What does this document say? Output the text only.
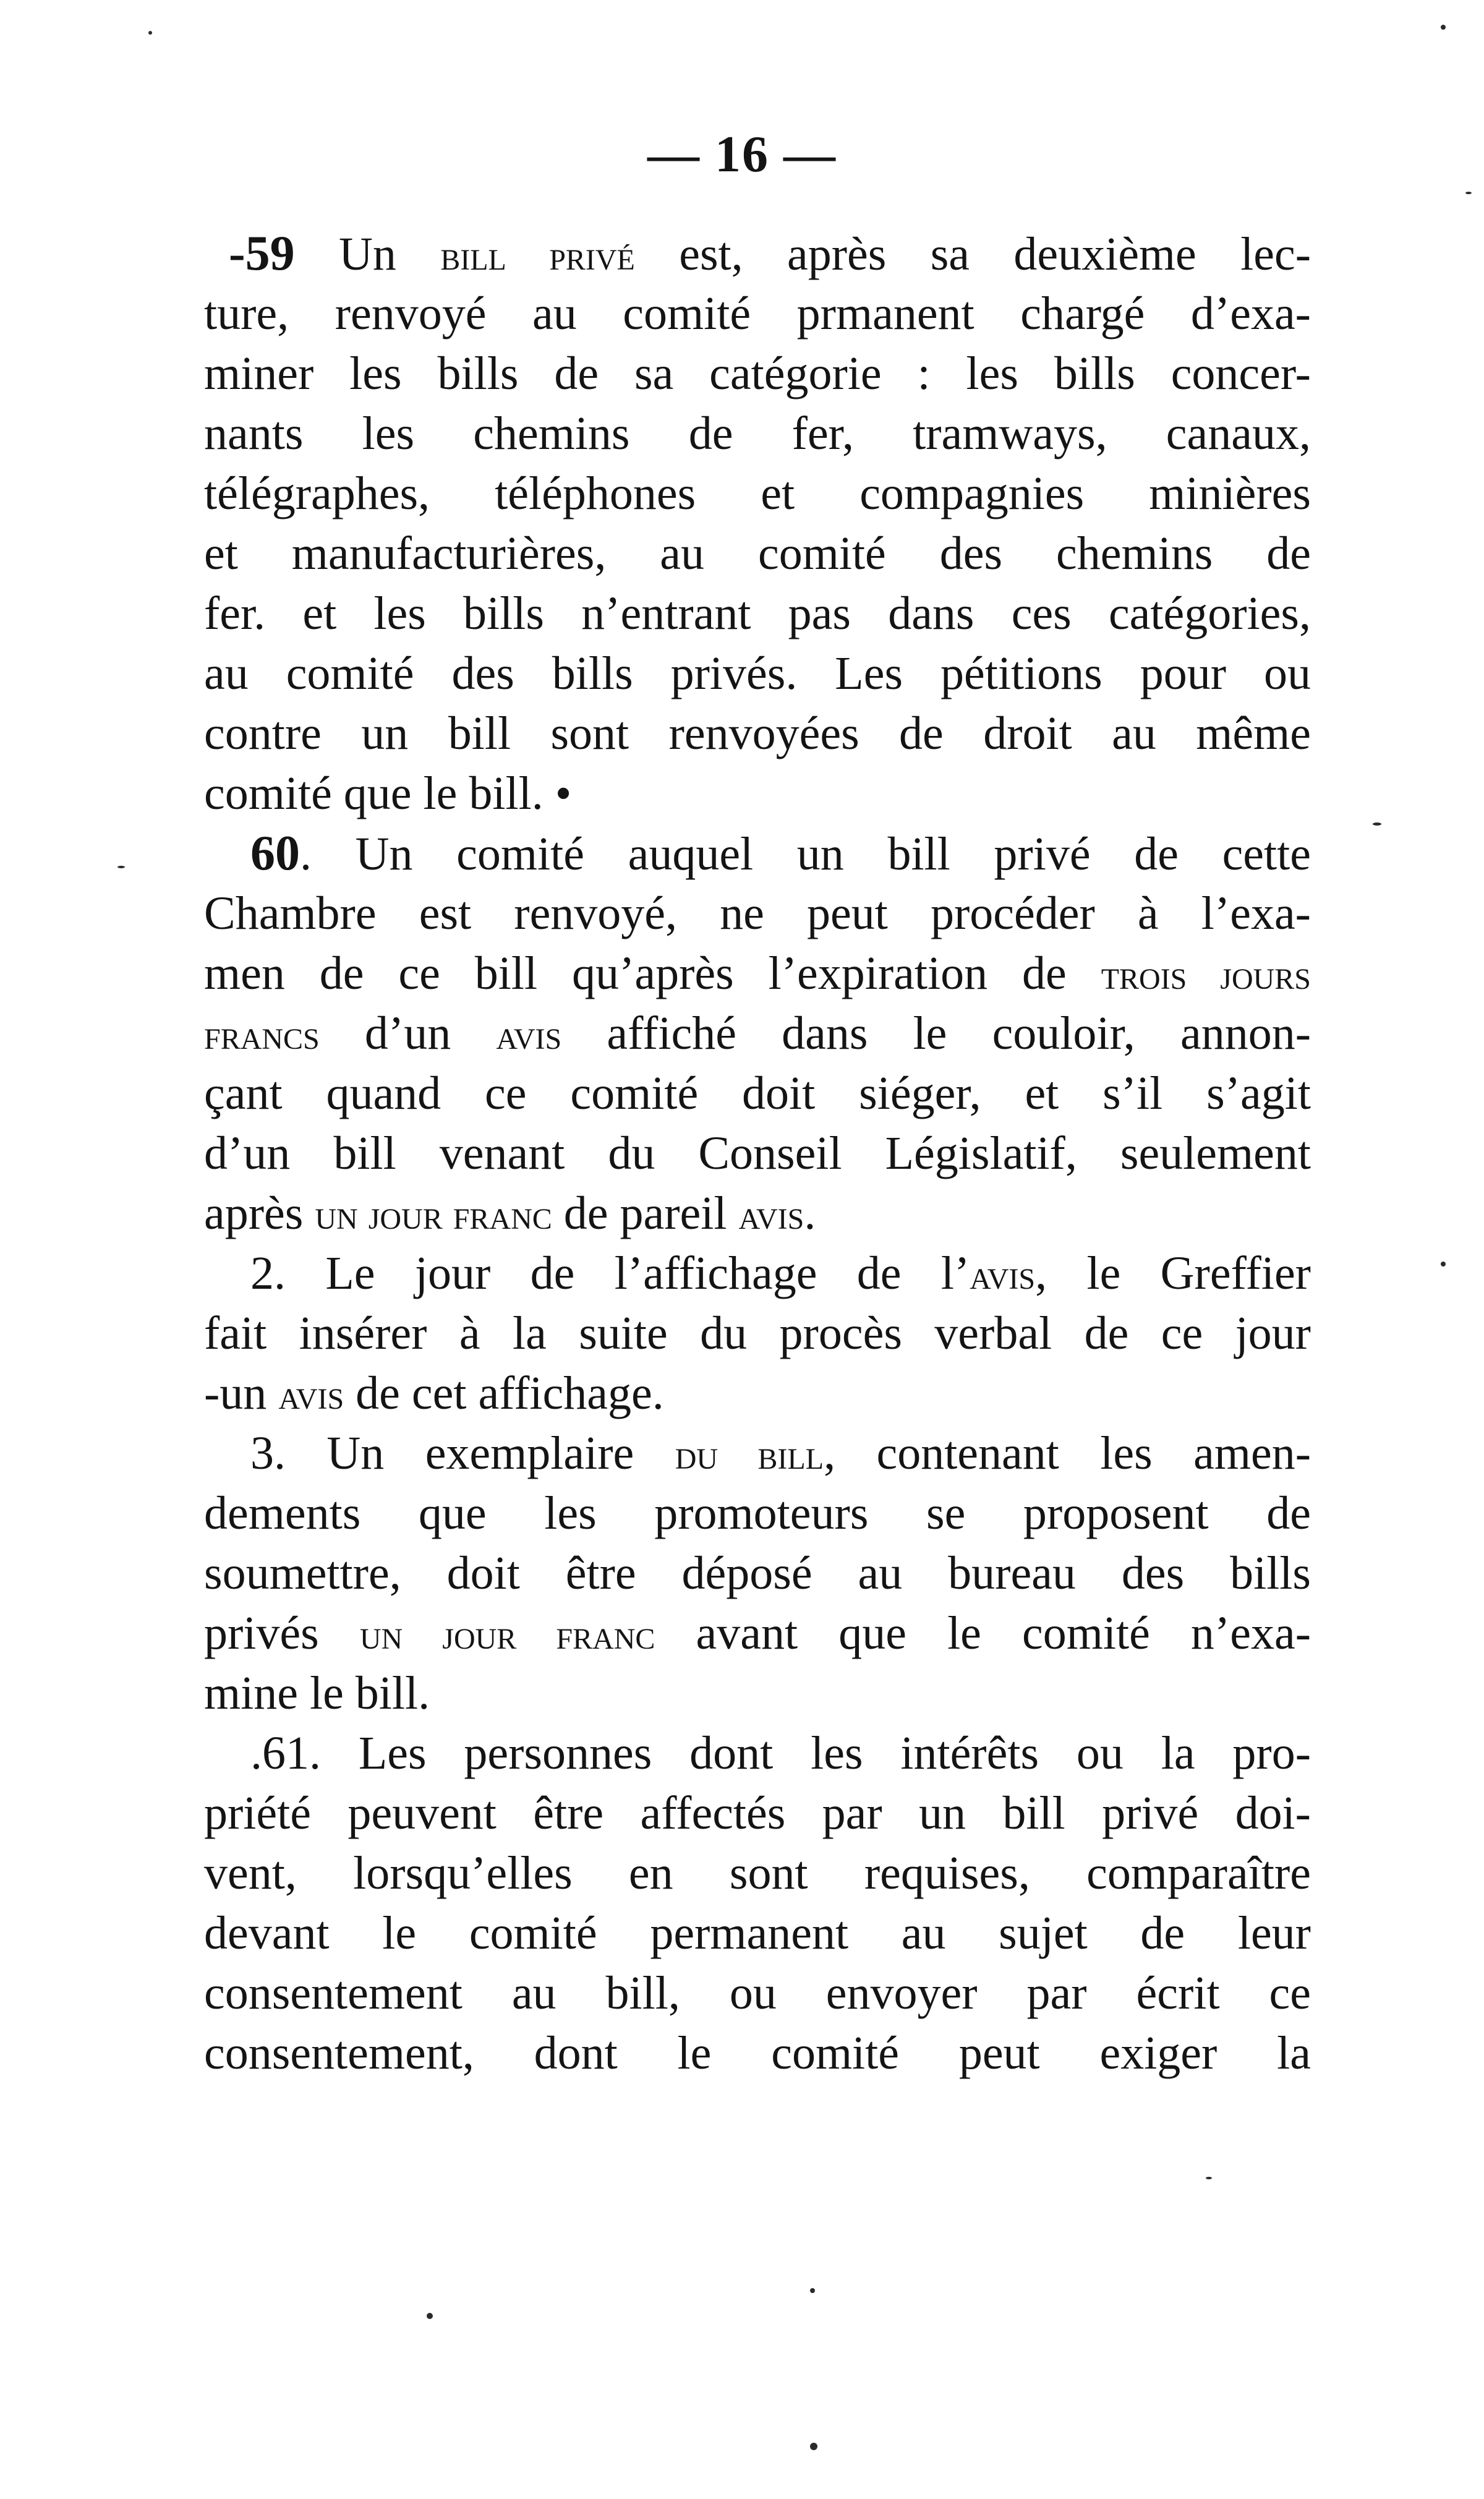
— 16 —
-59 Un bill privé est, après sa deuxième lec-
ture, renvoyé au comité prmanent chargé d’exa-
miner les bills de sa catégorie : les bills concer-
nants les chemins de fer, tramways, canaux,
télégraphes, téléphones et compagnies minières
et manufacturières, au comité des chemins de
fer. et les bills n’entrant pas dans ces catégories,
au comité des bills privés. Les pétitions pour ou
contre un bill sont renvoyées de droit au même
comité que le bill. •
60. Un comité auquel un bill privé de cette
Chambre est renvoyé, ne peut procéder à l’exa-
men de ce bill qu’après l’expiration de trois jours
francs d’un avis affiché dans le couloir, annon-
çant quand ce comité doit siéger, et s’il s’agit
d’un bill venant du Conseil Législatif, seulement
après un jour franc de pareil avis.
2. Le jour de l’affichage de l’avis, le Greffier
fait insérer à la suite du procès verbal de ce jour
-un avis de cet affichage.
3. Un exemplaire du bill, contenant les amen-
dements que les promoteurs se proposent de
soumettre, doit être déposé au bureau des bills
privés un jour franc avant que le comité n’exa-
mine le bill.
.61. Les personnes dont les intérêts ou la pro-
priété peuvent être affectés par un bill privé doi-
vent, lorsqu’elles en sont requises, comparaître
devant le comité permanent au sujet de leur
consentement au bill, ou envoyer par écrit ce
consentement, dont le comité peut exiger la
